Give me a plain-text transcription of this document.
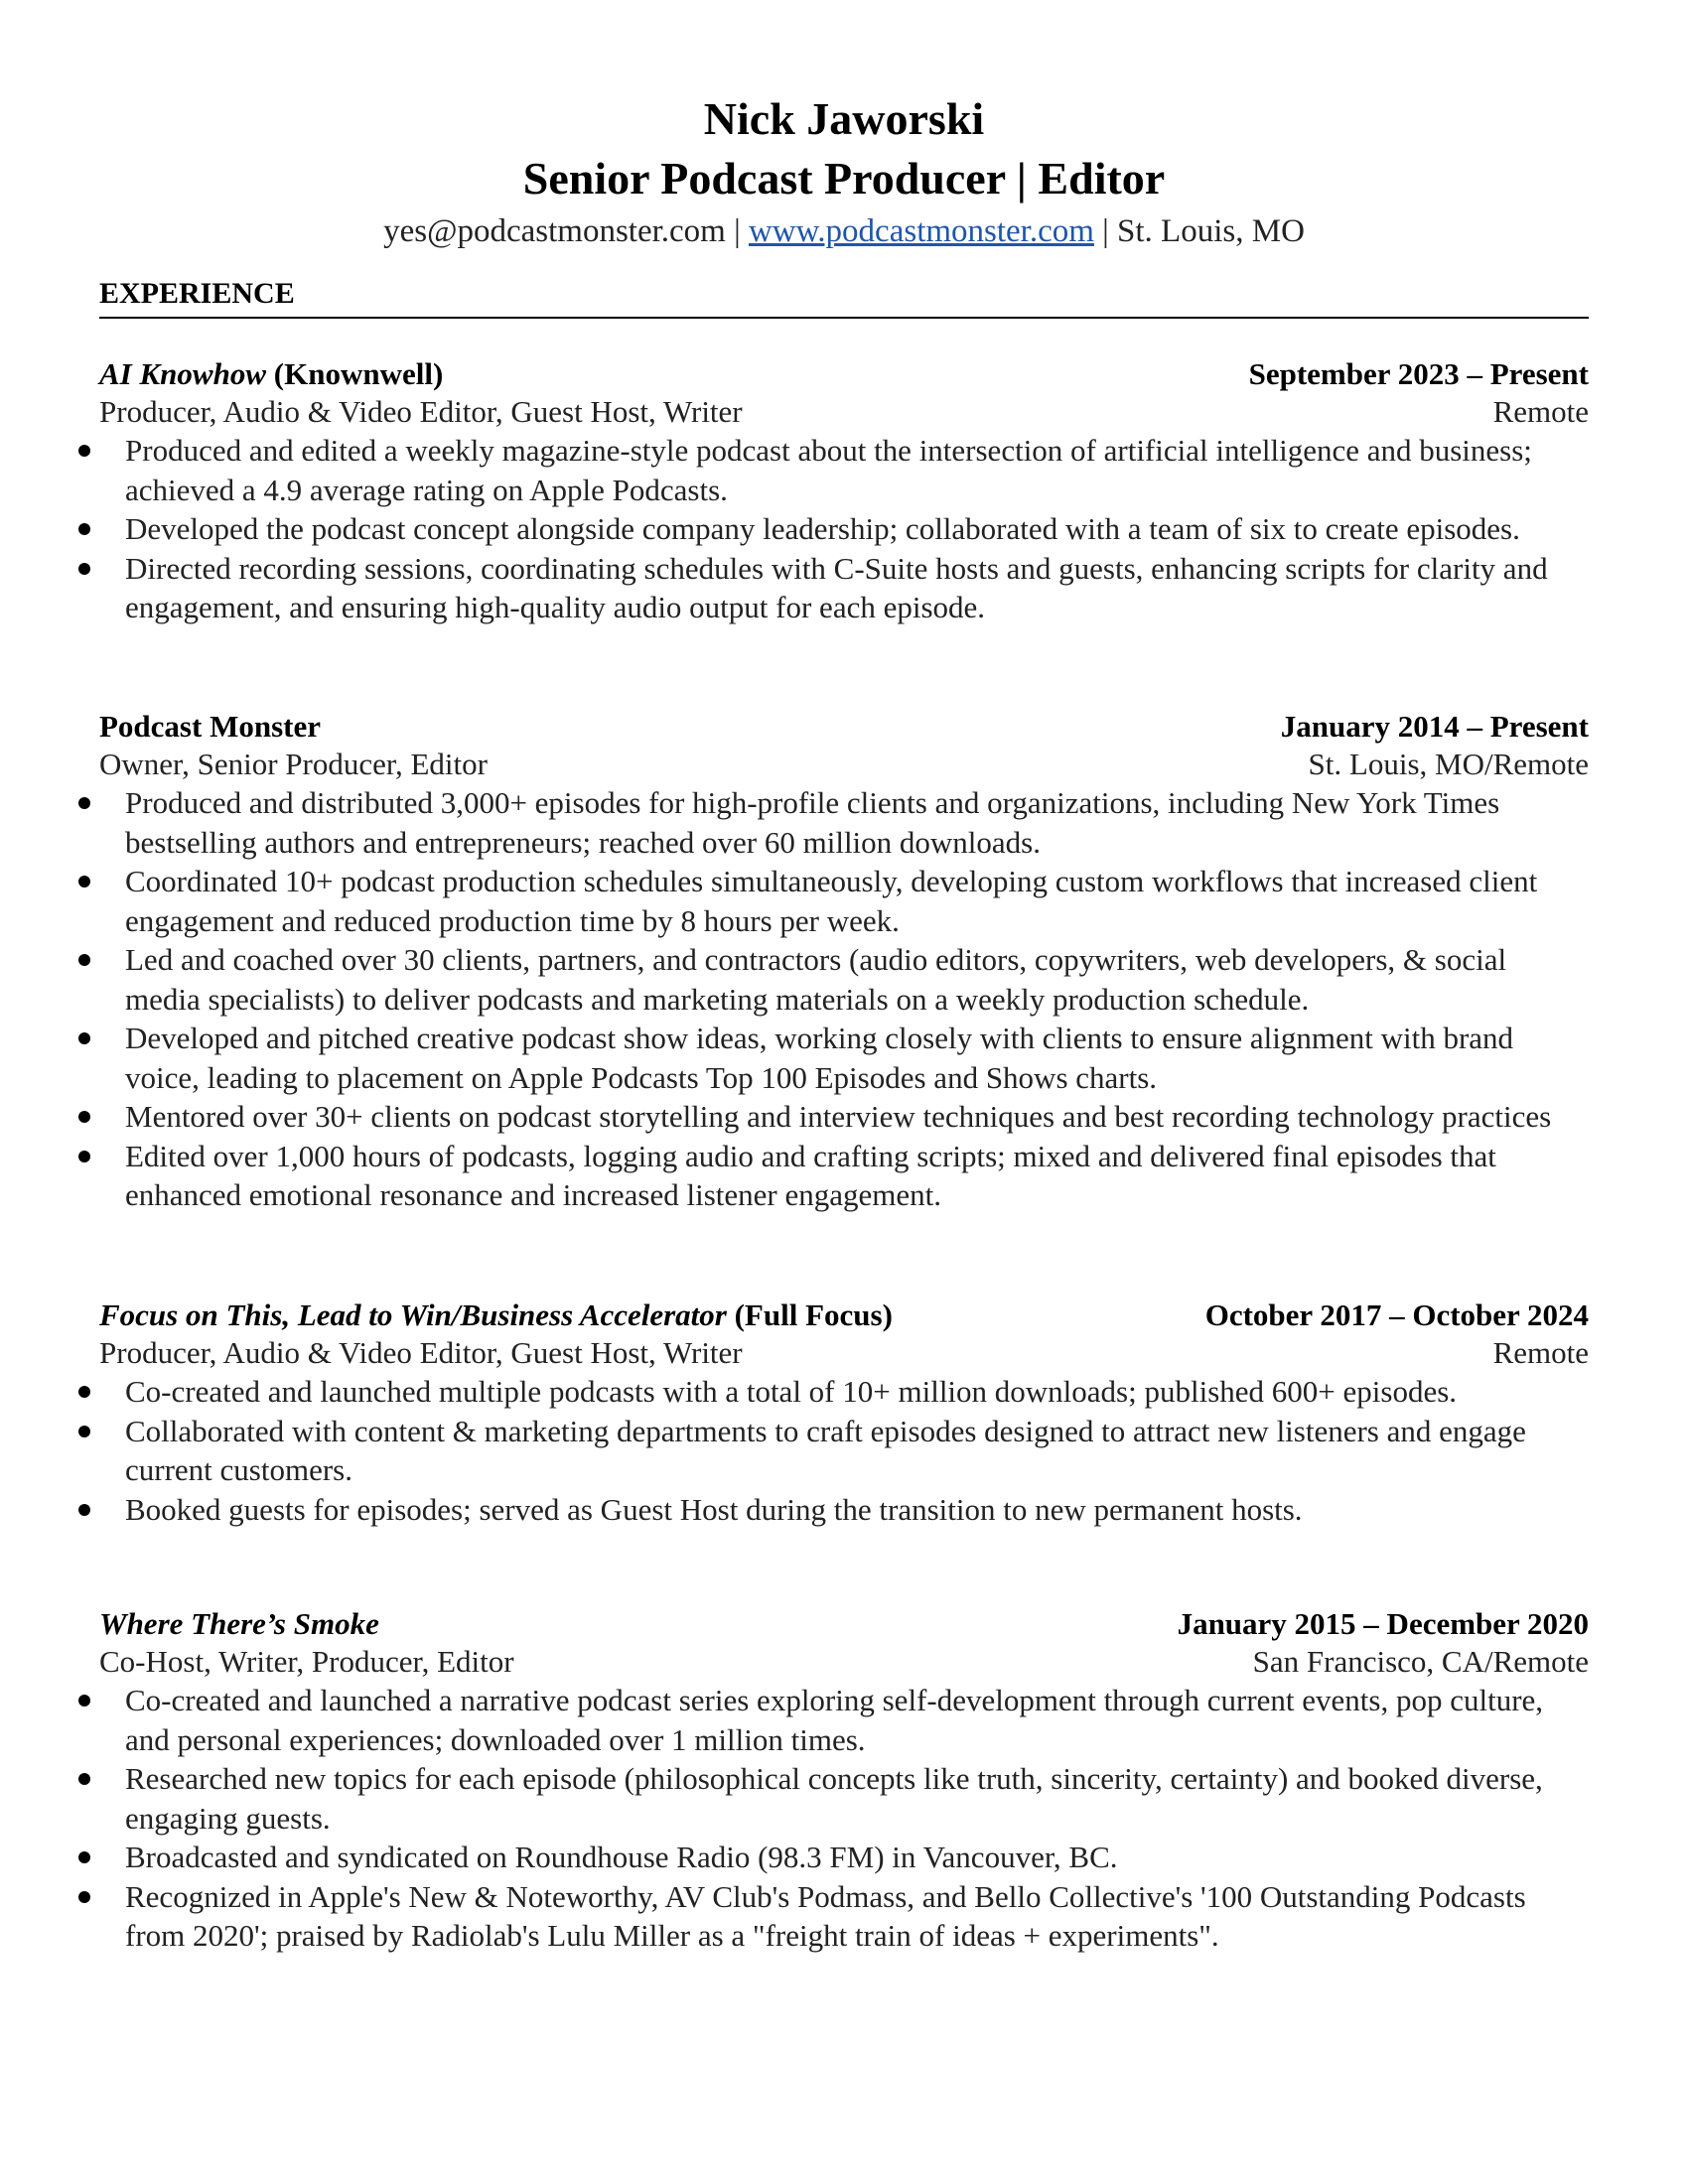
Nick Jaworski
Senior Podcast Producer | Editor
yes@podcastmonster.com | www.podcastmonster.com | St. Louis, MO
EXPERIENCE
AI Knowhow (Knownwell)	September 2023 – Present
Producer, Audio & Video Editor, Guest Host, Writer	Remote
Produced and edited a weekly magazine-style podcast about the intersection of artificial intelligence and business; achieved a 4.9 average rating on Apple Podcasts.
Developed the podcast concept alongside company leadership; collaborated with a team of six to create episodes.
Directed recording sessions, coordinating schedules with C-Suite hosts and guests, enhancing scripts for clarity and engagement, and ensuring high-quality audio output for each episode.
Podcast Monster	January 2014 – Present
Owner, Senior Producer, Editor	St. Louis, MO/Remote
Produced and distributed 3,000+ episodes for high-profile clients and organizations, including New York Times bestselling authors and entrepreneurs; reached over 60 million downloads.
Coordinated 10+ podcast production schedules simultaneously, developing custom workflows that increased client engagement and reduced production time by 8 hours per week.
Led and coached over 30 clients, partners, and contractors (audio editors, copywriters, web developers, & social media specialists) to deliver podcasts and marketing materials on a weekly production schedule.
Developed and pitched creative podcast show ideas, working closely with clients to ensure alignment with brand voice, leading to placement on Apple Podcasts Top 100 Episodes and Shows charts.
Mentored over 30+ clients on podcast storytelling and interview techniques and best recording technology practices
Edited over 1,000 hours of podcasts, logging audio and crafting scripts; mixed and delivered final episodes that enhanced emotional resonance and increased listener engagement.
Focus on This, Lead to Win/Business Accelerator (Full Focus)	October 2017 – October 2024
Producer, Audio & Video Editor, Guest Host, Writer	Remote
Co-created and launched multiple podcasts with a total of 10+ million downloads; published 600+ episodes.
Collaborated with content & marketing departments to craft episodes designed to attract new listeners and engage current customers.
Booked guests for episodes; served as Guest Host during the transition to new permanent hosts.
Where There’s Smoke	January 2015 – December 2020
Co-Host, Writer, Producer, Editor	San Francisco, CA/Remote
Co-created and launched a narrative podcast series exploring self-development through current events, pop culture, and personal experiences; downloaded over 1 million times.
Researched new topics for each episode (philosophical concepts like truth, sincerity, certainty) and booked diverse, engaging guests.
Broadcasted and syndicated on Roundhouse Radio (98.3 FM) in Vancouver, BC.
Recognized in Apple's New & Noteworthy, AV Club's Podmass, and Bello Collective's '100 Outstanding Podcasts from 2020'; praised by Radiolab's Lulu Miller as a "freight train of ideas + experiments".
